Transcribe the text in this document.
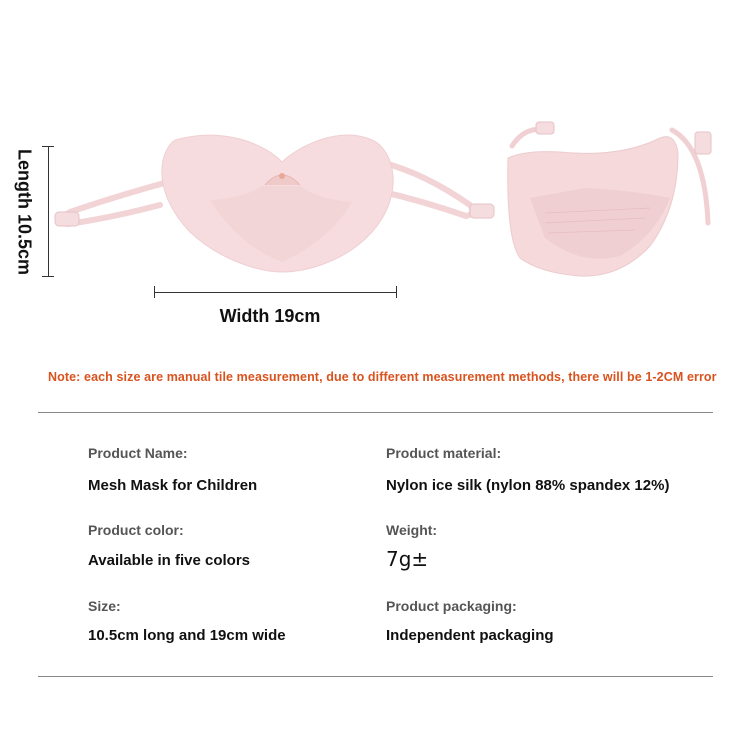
Length 10.5cm
Width 19cm
Note: each size are manual tile measurement, due to different measurement methods, there will be 1-2CM error
Product Name:
Mesh Mask for Children
Product material:
Nylon ice silk (nylon 88% spandex 12%)
Product color:
Available in five colors
Weight:
7g±
Size:
10.5cm long and 19cm wide
Product packaging:
Independent packaging
